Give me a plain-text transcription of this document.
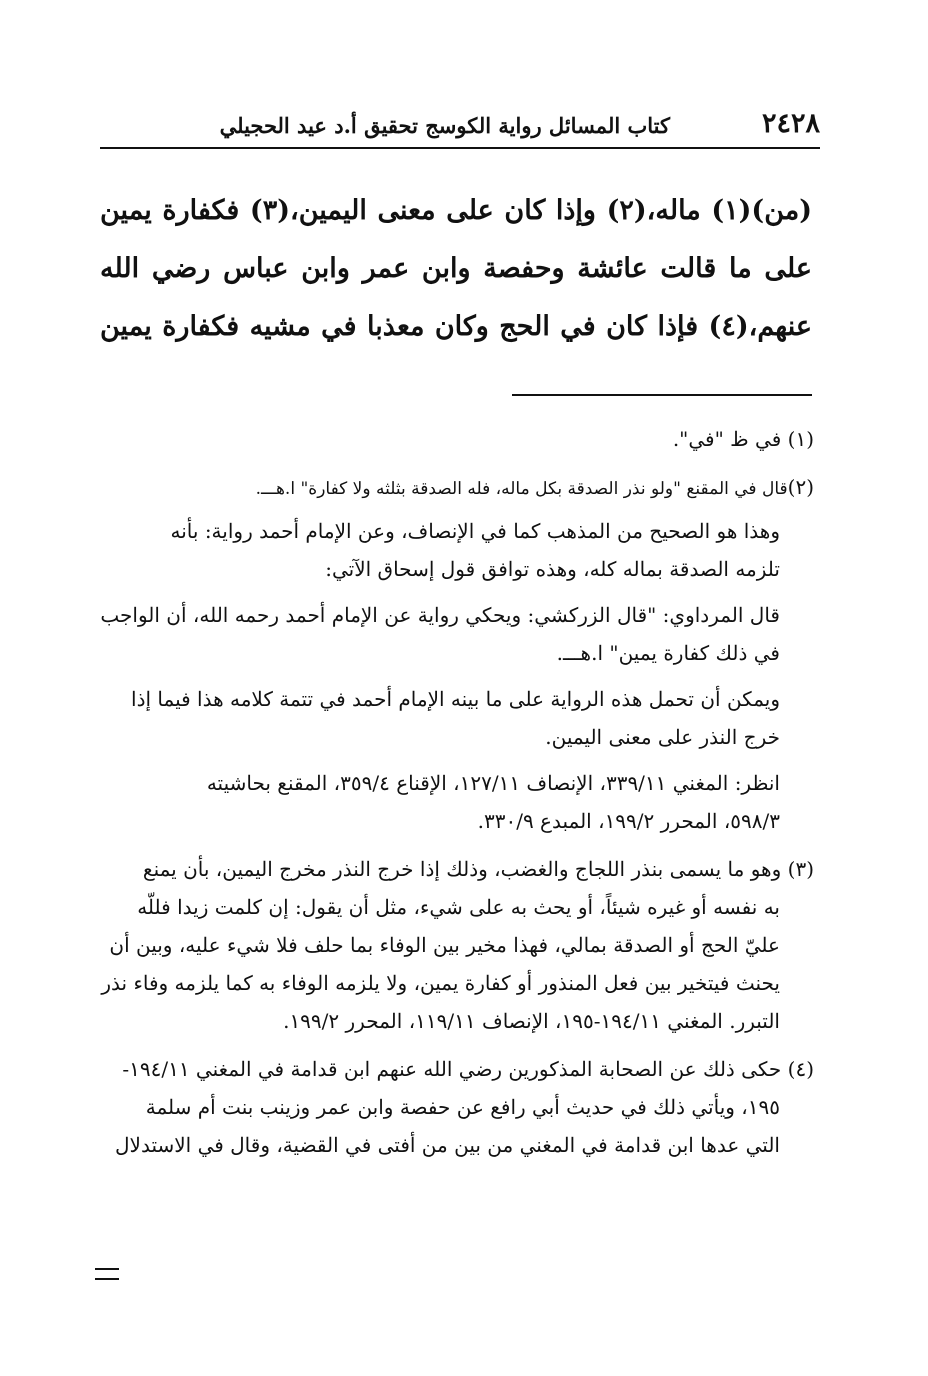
٢٤٢٨
كتاب المسائل رواية الكوسج تحقيق أ.د عيد الحجيلي
(من)(١) ماله،(٢) وإذا كان على معنى اليمين،(٣) فكفارة يمين
على ما قالت عائشة وحفصة وابن عمر وابن عباس رضي الله
عنهم،(٤) فإذا كان في الحج وكان معذبا في مشيه فكفارة يمين
(١) في ظ "في".
(٢)قال في المقنع "ولو نذر الصدقة بكل ماله، فله الصدقة بثلثه ولا كفارة" ا.هـــ.
وهذا هو الصحيح من المذهب كما في الإنصاف، وعن الإمام أحمد رواية: بأنه
تلزمه الصدقة بماله كله، وهذه توافق قول إسحاق الآتي:
قال المرداوي: "قال الزركشي: ويحكي رواية عن الإمام أحمد رحمه الله، أن الواجب
في ذلك كفارة يمين" ا.هـــ.
ويمكن أن تحمل هذه الرواية على ما بينه الإمام أحمد في تتمة كلامه هذا فيما إذا
خرج النذر على معنى اليمين.
انظر: المغني ٣٣٩/١١، الإنصاف ١٢٧/١١، الإقناع ٣٥٩/٤، المقنع بحاشيته
٥٩٨/٣، المحرر ١٩٩/٢، المبدع ٣٣٠/٩.
(٣) وهو ما يسمى بنذر اللجاج والغضب، وذلك إذا خرج النذر مخرج اليمين، بأن يمنع
به نفسه أو غيره شيئاً، أو يحث به على شيء، مثل أن يقول: إن كلمت زيدا فللّه
عليّ الحج أو الصدقة بمالي، فهذا مخير بين الوفاء بما حلف فلا شيء عليه، وبين أن
يحنث فيتخير بين فعل المنذور أو كفارة يمين، ولا يلزمه الوفاء به كما يلزمه وفاء نذر
التبرر. المغني ١٩٤/١١-١٩٥، الإنصاف ١١٩/١١، المحرر ١٩٩/٢.
(٤) حكى ذلك عن الصحابة المذكورين رضي الله عنهم ابن قدامة في المغني ١٩٤/١١-
١٩٥، ويأتي ذلك في حديث أبي رافع عن حفصة وابن عمر وزينب بنت أم سلمة
التي عدها ابن قدامة في المغني من بين من أفتى في القضية، وقال في الاستدلال
